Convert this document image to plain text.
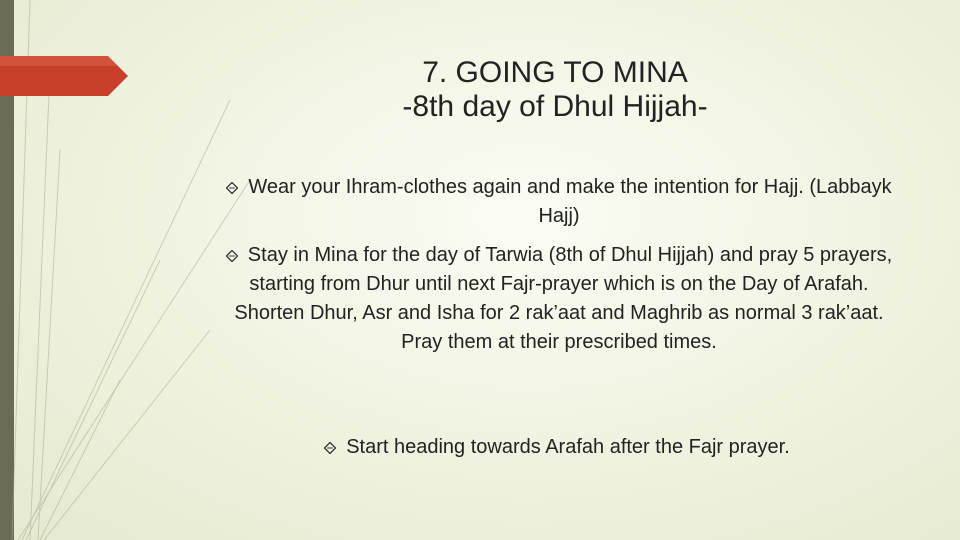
7. GOING TO MINA
-8th day of Dhul Hijjah-
Wear your Ihram-clothes again and make the intention for Hajj. (Labbayk Hajj)
Stay in Mina for the day of Tarwia (8th of Dhul Hijjah) and pray 5 prayers, starting from Dhur until next Fajr-prayer which is on the Day of Arafah. Shorten Dhur, Asr and Isha for 2 rak’aat and Maghrib as normal 3 rak’aat. Pray them at their prescribed times.
Start heading towards Arafah after the Fajr prayer.
